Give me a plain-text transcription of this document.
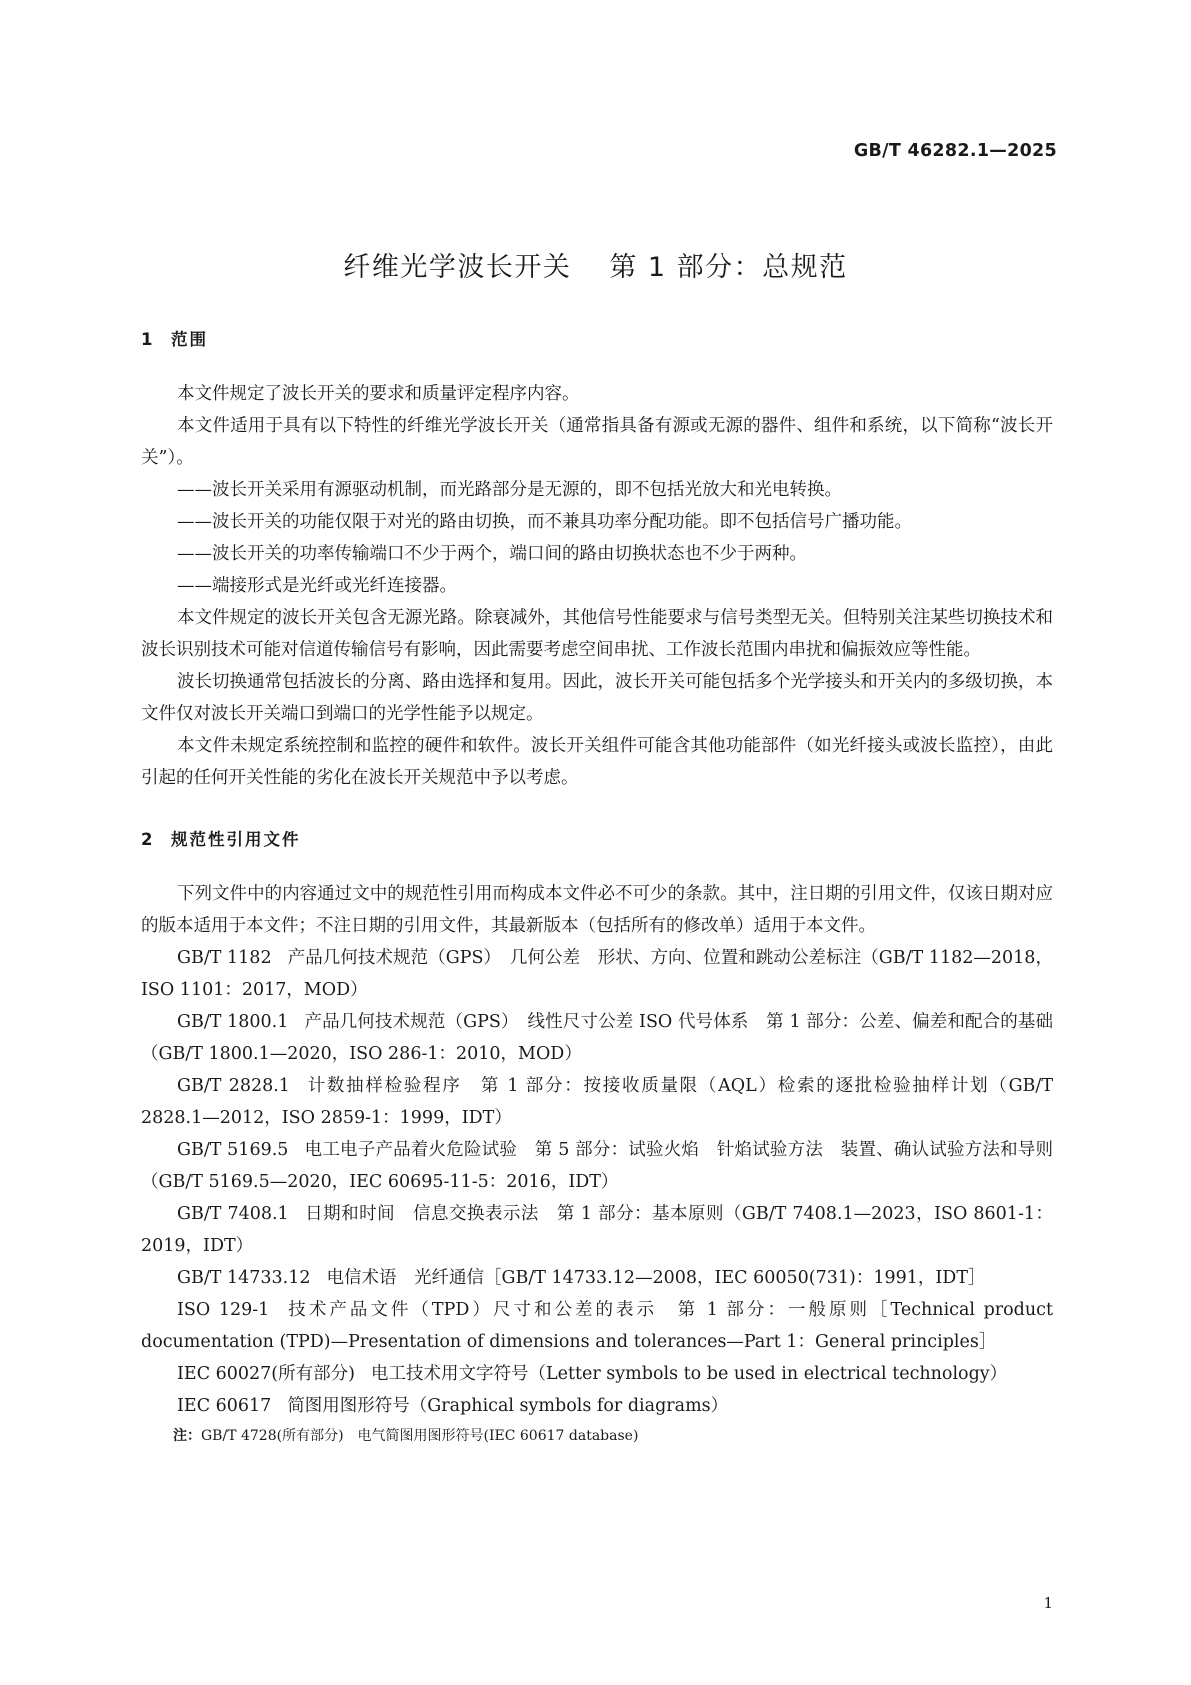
GB/T 46282.1—2025
纤维光学波长开关 第 1 部分：总规范
1 范围

本文件规定了波长开关的要求和质量评定程序内容。

本文件适用于具有以下特性的纤维光学波长开关（通常指具备有源或无源的器件、组件和系统，以下简称“波长开关”）。

——波长开关采用有源驱动机制，而光路部分是无源的，即不包括光放大和光电转换。

——波长开关的功能仅限于对光的路由切换，而不兼具功率分配功能。即不包括信号广播功能。

——波长开关的功率传输端口不少于两个，端口间的路由切换状态也不少于两种。

——端接形式是光纤或光纤连接器。

本文件规定的波长开关包含无源光路。除衰减外，其他信号性能要求与信号类型无关。但特别关注某些切换技术和波长识别技术可能对信道传输信号有影响，因此需要考虑空间串扰、工作波长范围内串扰和偏振效应等性能。

波长切换通常包括波长的分离、路由选择和复用。因此，波长开关可能包括多个光学接头和开关内的多级切换，本文件仅对波长开关端口到端口的光学性能予以规定。

本文件未规定系统控制和监控的硬件和软件。波长开关组件可能含其他功能部件（如光纤接头或波长监控），由此引起的任何开关性能的劣化在波长开关规范中予以考虑。

2 规范性引用文件

下列文件中的内容通过文中的规范性引用而构成本文件必不可少的条款。其中，注日期的引用文件，仅该日期对应的版本适用于本文件；不注日期的引用文件，其最新版本（包括所有的修改单）适用于本文件。

GB/T 1182 产品几何技术规范（GPS）　几何公差　形状、方向、位置和跳动公差标注（GB/T 1182—2018，ISO 1101：2017，MOD）

GB/T 1800.1 产品几何技术规范（GPS）　线性尺寸公差 ISO 代号体系　第 1 部分：公差、偏差和配合的基础（GB/T 1800.1—2020，ISO 286-1：2010，MOD）

GB/T 2828.1 计数抽样检验程序　第 1 部分：按接收质量限（AQL）检索的逐批检验抽样计划（GB/T 2828.1—2012，ISO 2859-1：1999，IDT）

GB/T 5169.5 电工电子产品着火危险试验　第 5 部分：试验火焰　针焰试验方法　装置、确认试验方法和导则（GB/T 5169.5—2020，IEC 60695-11-5：2016，IDT）

GB/T 7408.1 日期和时间　信息交换表示法　第 1 部分：基本原则（GB/T 7408.1—2023，ISO 8601-1：2019，IDT）

GB/T 14733.12 电信术语　光纤通信［GB/T 14733.12—2008，IEC 60050(731)：1991，IDT］

ISO 129-1 技术产品文件（TPD）尺寸和公差的表示　第 1 部分：一般原则［Technical product documentation (TPD)—Presentation of dimensions and tolerances—Part 1：General principles］

IEC 60027(所有部分) 电工技术用文字符号（Letter symbols to be used in electrical technology）

IEC 60617 简图用图形符号（Graphical symbols for diagrams）

注：GB/T 4728(所有部分)　电气简图用图形符号(IEC 60617 database)

1
